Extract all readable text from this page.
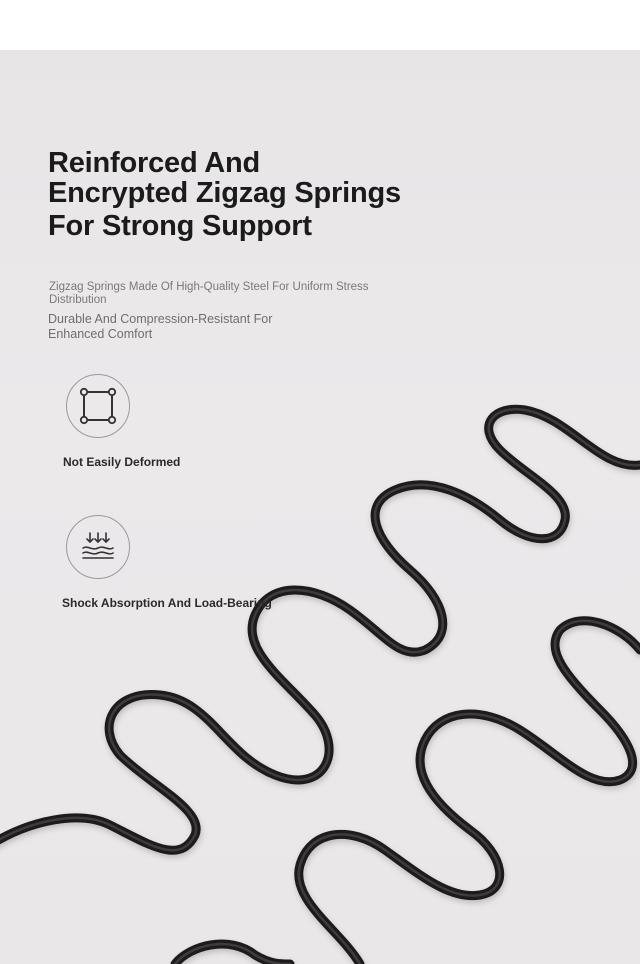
Reinforced And
Encrypted Zigzag Springs
For Strong Support
Zigzag Springs Made Of High-Quality Steel For Uniform Stress Distribution
Durable And Compression-Resistant For Enhanced Comfort
Not Easily Deformed
Shock Absorption And Load-Bearing
